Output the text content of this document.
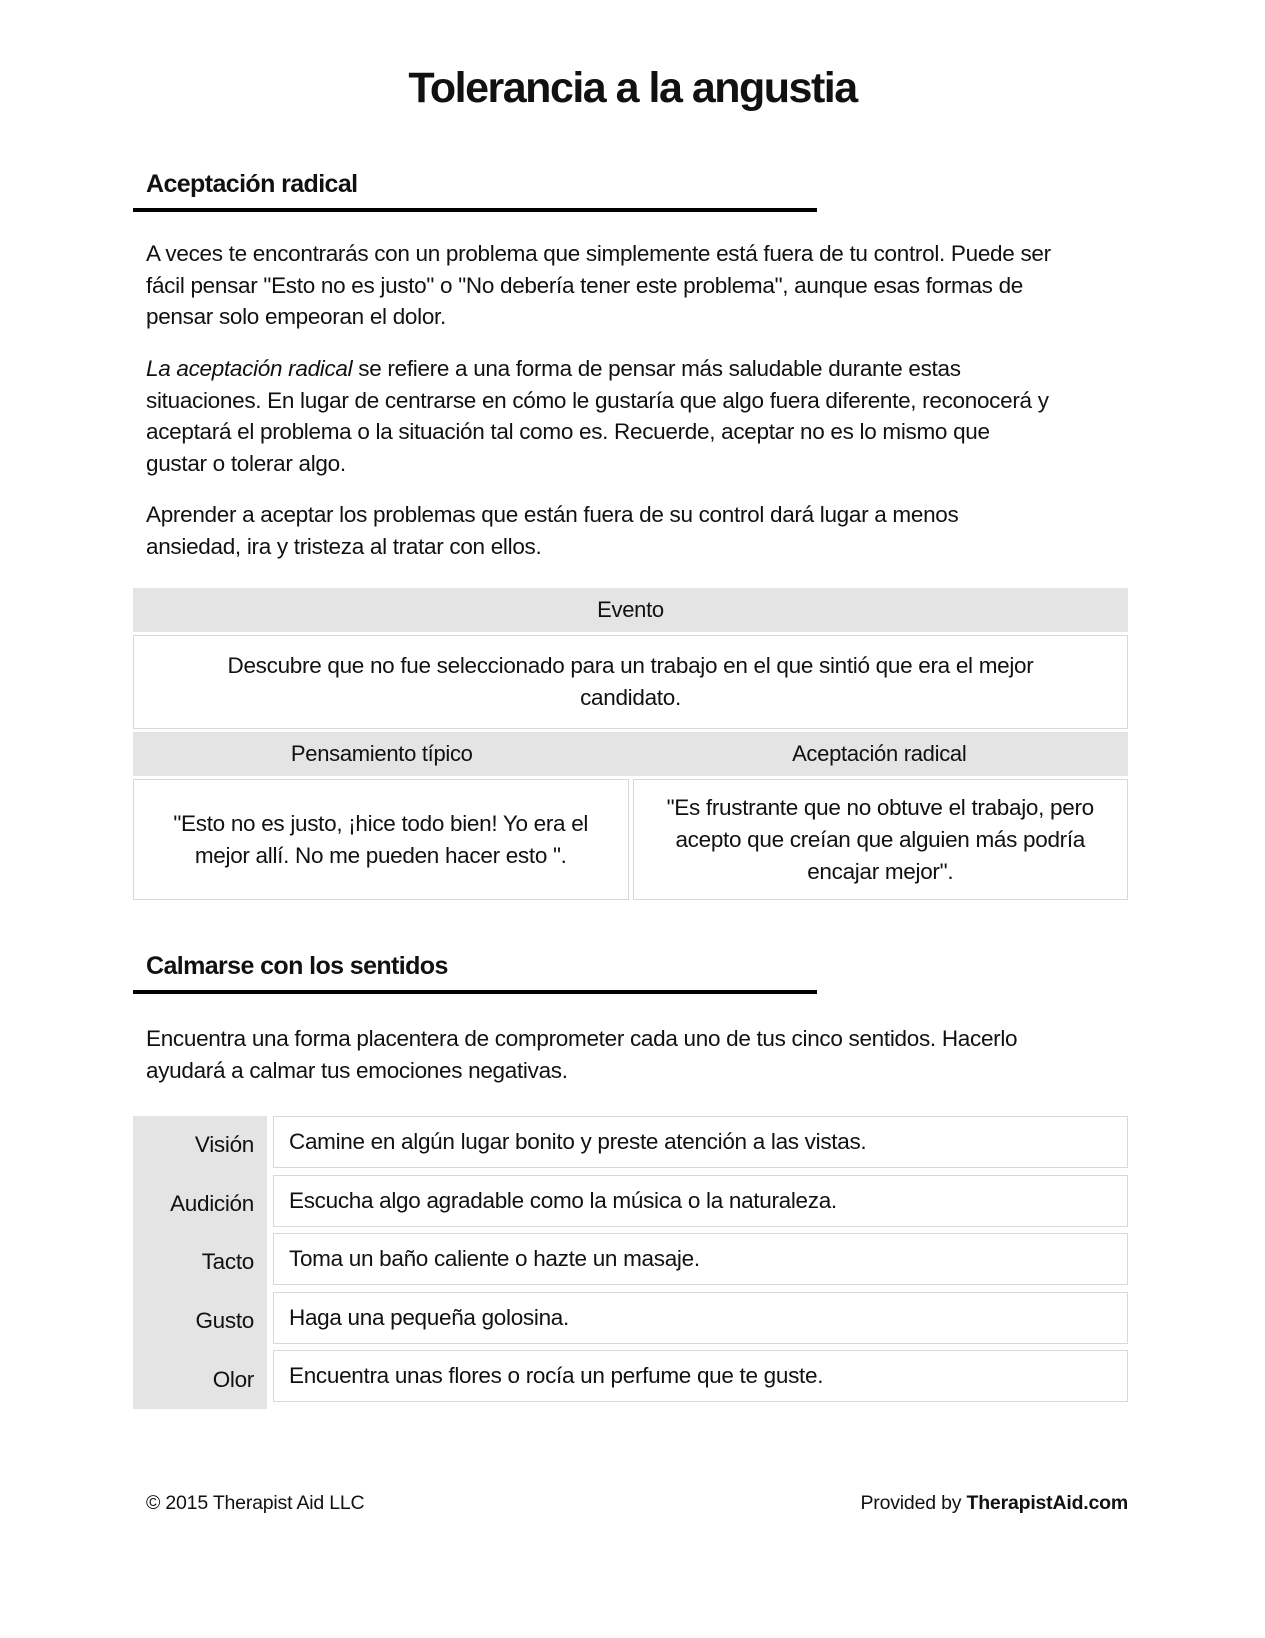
Tolerancia a la angustia
Aceptación radical

A veces te encontrarás con un problema que simplemente está fuera de tu control. Puede ser fácil pensar "Esto no es justo" o "No debería tener este problema", aunque esas formas de pensar solo empeoran el dolor.

La aceptación radical se refiere a una forma de pensar más saludable durante estas situaciones. En lugar de centrarse en cómo le gustaría que algo fuera diferente, reconocerá y aceptará el problema o la situación tal como es. Recuerde, aceptar no es lo mismo que gustar o tolerar algo.

Aprender a aceptar los problemas que están fuera de su control dará lugar a menos ansiedad, ira y tristeza al tratar con ellos.

Evento
Descubre que no fue seleccionado para un trabajo en el que sintió que era el mejor candidato.
Pensamiento típico	Aceptación radical
"Esto no es justo, ¡hice todo bien! Yo era el mejor allí. No me pueden hacer esto ".
"Es frustrante que no obtuve el trabajo, pero acepto que creían que alguien más podría encajar mejor".
Calmarse con los sentidos

Encuentra una forma placentera de comprometer cada uno de tus cinco sentidos. Hacerlo ayudará a calmar tus emociones negativas.

Visión
Audición
Tacto
Gusto
Olor
Camine en algún lugar bonito y preste atención a las vistas.
Escucha algo agradable como la música o la naturaleza.
Toma un baño caliente o hazte un masaje.
Haga una pequeña golosina.
Encuentra unas flores o rocía un perfume que te guste.
© 2015 Therapist Aid LLC	Provided by TherapistAid.com
